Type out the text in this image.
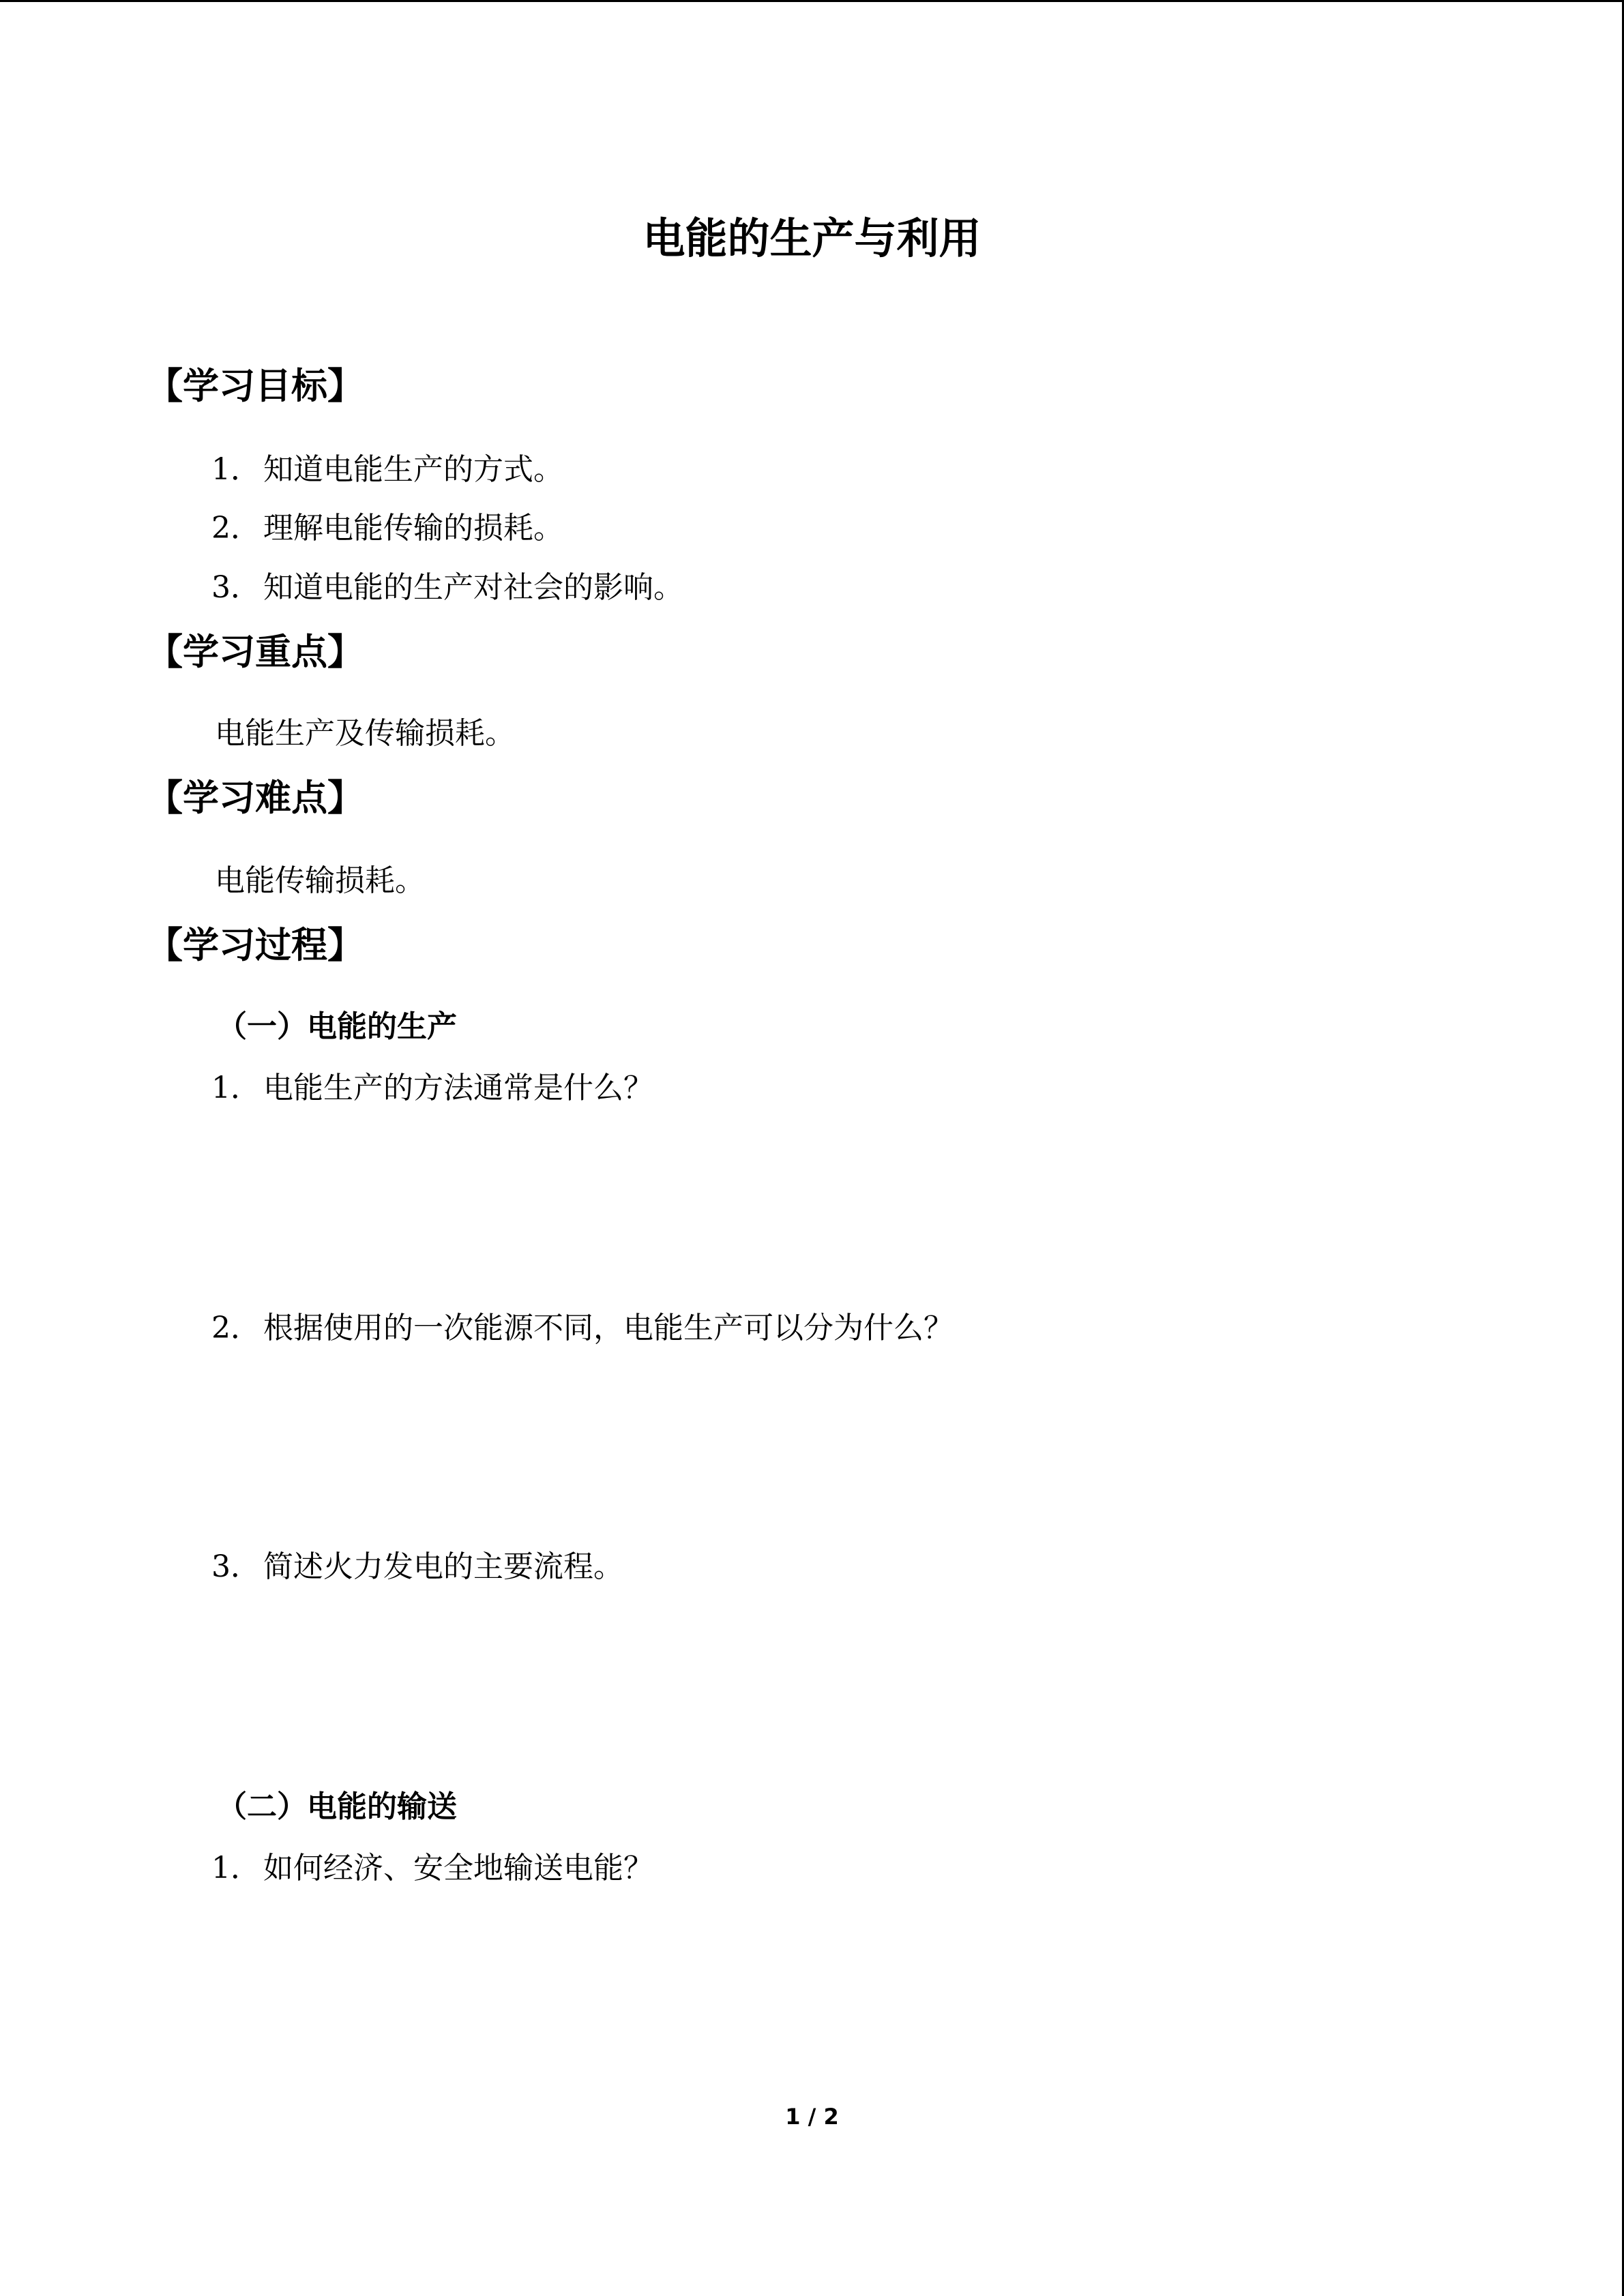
电能的生产与利用
【学习目标】
1．知道电能生产的方式。
2．理解电能传输的损耗。
3．知道电能的生产对社会的影响。
【学习重点】
电能生产及传输损耗。
【学习难点】
电能传输损耗。
【学习过程】
（一）电能的生产
1．电能生产的方法通常是什么？
2．根据使用的一次能源不同，电能生产可以分为什么？
3．简述火力发电的主要流程。
（二）电能的输送
1．如何经济、安全地输送电能？
1 / 2
